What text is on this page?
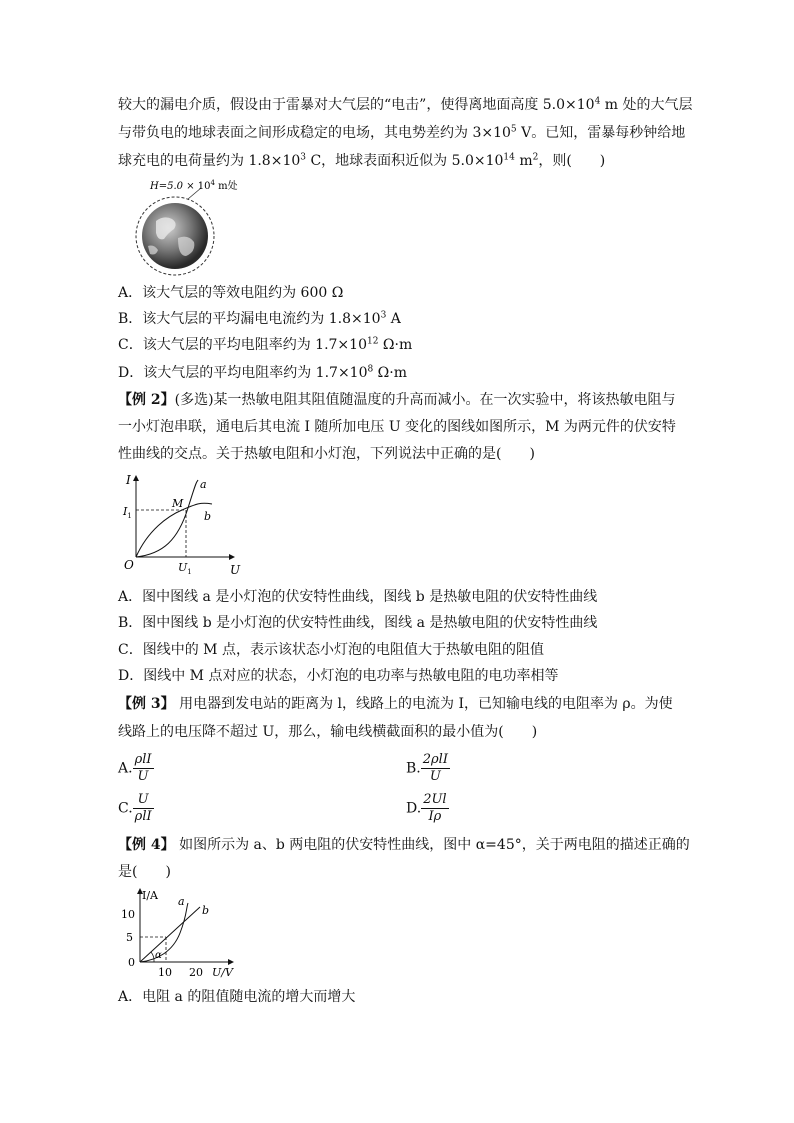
较大的漏电介质，假设由于雷暴对大气层的“电击”，使得离地面高度 $5.0\times 10^4$ m 处的大气层
与带负电的地球表面之间形成稳定的电场，其电势差约为 $3\times 10^5$ V。已知，雷暴每秒钟给地
球充电的电荷量约为 $1.8\times 10^3$ C，地球表面积近似为 $5.0\times 10^{14}$ $m^2$，则(　　)
$H=5.0 \times 10^4$ m处
A．该大气层的等效电阻约为 600 Ω
B．该大气层的平均漏电电流约为 $1.8\times 10^3$ A
C．该大气层的平均电阻率约为 $1.7\times 10^{12}$ Ω·m
D．该大气层的平均电阻率约为 $1.7\times 10^8$ Ω·m
【例 2】(多选)某一热敏电阻其阻值随温度的升高而减小。在一次实验中，将该热敏电阻与
一小灯泡串联，通电后其电流 I 随所加电压 U 变化的图线如图所示，M 为两元件的伏安特
性曲线的交点。关于热敏电阻和小灯泡，下列说法中正确的是(　　)
I
U
O
M
a
b
$I_1$
$U_1$
A．图中图线 a 是小灯泡的伏安特性曲线，图线 b 是热敏电阻的伏安特性曲线
B．图中图线 b 是小灯泡的伏安特性曲线，图线 a 是热敏电阻的伏安特性曲线
C．图线中的 M 点，表示该状态小灯泡的电阻值大于热敏电阻的阻值
D．图线中 M 点对应的状态，小灯泡的电功率与热敏电阻的电功率相等
【例 3】 用电器到发电站的距离为 l，线路上的电流为 I，已知输电线的电阻率为 ρ。为使
线路上的电压降不超过 U，那么，输电线横截面积的最小值为(　　)
A. $\frac{\text{ρlI}}{U}$	B. $\frac{\text{2ρlI}}{U}$
C. $\frac{U}{\text{ρlI}}$	D. $\frac{2Ul}{I\rho}$
【例 4】 如图所示为 a、b 两电阻的伏安特性曲线，图中 α=45°，关于两电阻的描述正确的
是(　　)
I/A
U/V
10
5
0
10 20
α
a
b
A．电阻 a 的阻值随电流的增大而增大
